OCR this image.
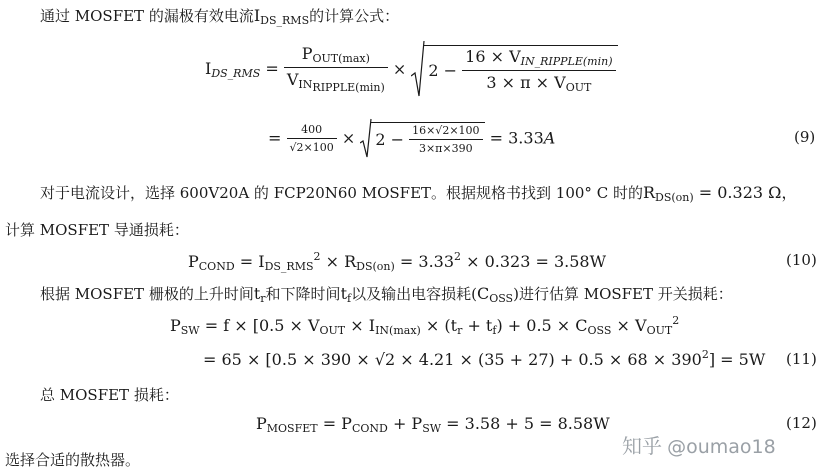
通过 MOSFET 的漏极有效电流$I_{DS\_RMS}$的计算公式：
$I_{DS\_RMS} = \frac{P_{OUT(max)}}{V_{IN_{RIPPLE(min)}}} \times 2 - \frac{16 \times V_{IN\_RIPPLE(min)}}{3 \times \pi \times V_{OUT}}$
= $\frac{400}{√2\times 100} \times 2 - \frac{16\times√2\times 100}{3\times\pi\times 390} = 3.33A$	(9)
对于电流设计，选择 600V20A 的 FCP20N60 MOSFET。根据规格书找到 100° C 时的$R_{DS(on)} = 0.323$ Ω，
计算 MOSFET 导通损耗：
$P_{COND} = I_{DS\_RMS}^2 \times R_{DS(on)} = 3.33^2 \times 0.323 = 3.58W$	(10)
根据 MOSFET 栅极的上升时间$t_r$和下降时间$t_f$以及输出电容损耗$(C_{OSS})$进行估算 MOSFET 开关损耗：
$P_{SW} = f \times [0.5 \times V_{OUT} \times I_{IN(max)} \times (t_r + t_f) + 0.5 \times C_{OSS} \times V_{OUT}^2$
= $65 \times [0.5 \times 390 \times √2 \times 4.21 \times (35 + 27) + 0.5 \times 68 \times 390^2] = 5W$ (11)
总 MOSFET 损耗：
$P_{MOSFET} = P_{COND} + P_{SW} = 3.58 + 5 = 8.58W$	(12)
选择合适的散热器。
知乎 @oumao18
